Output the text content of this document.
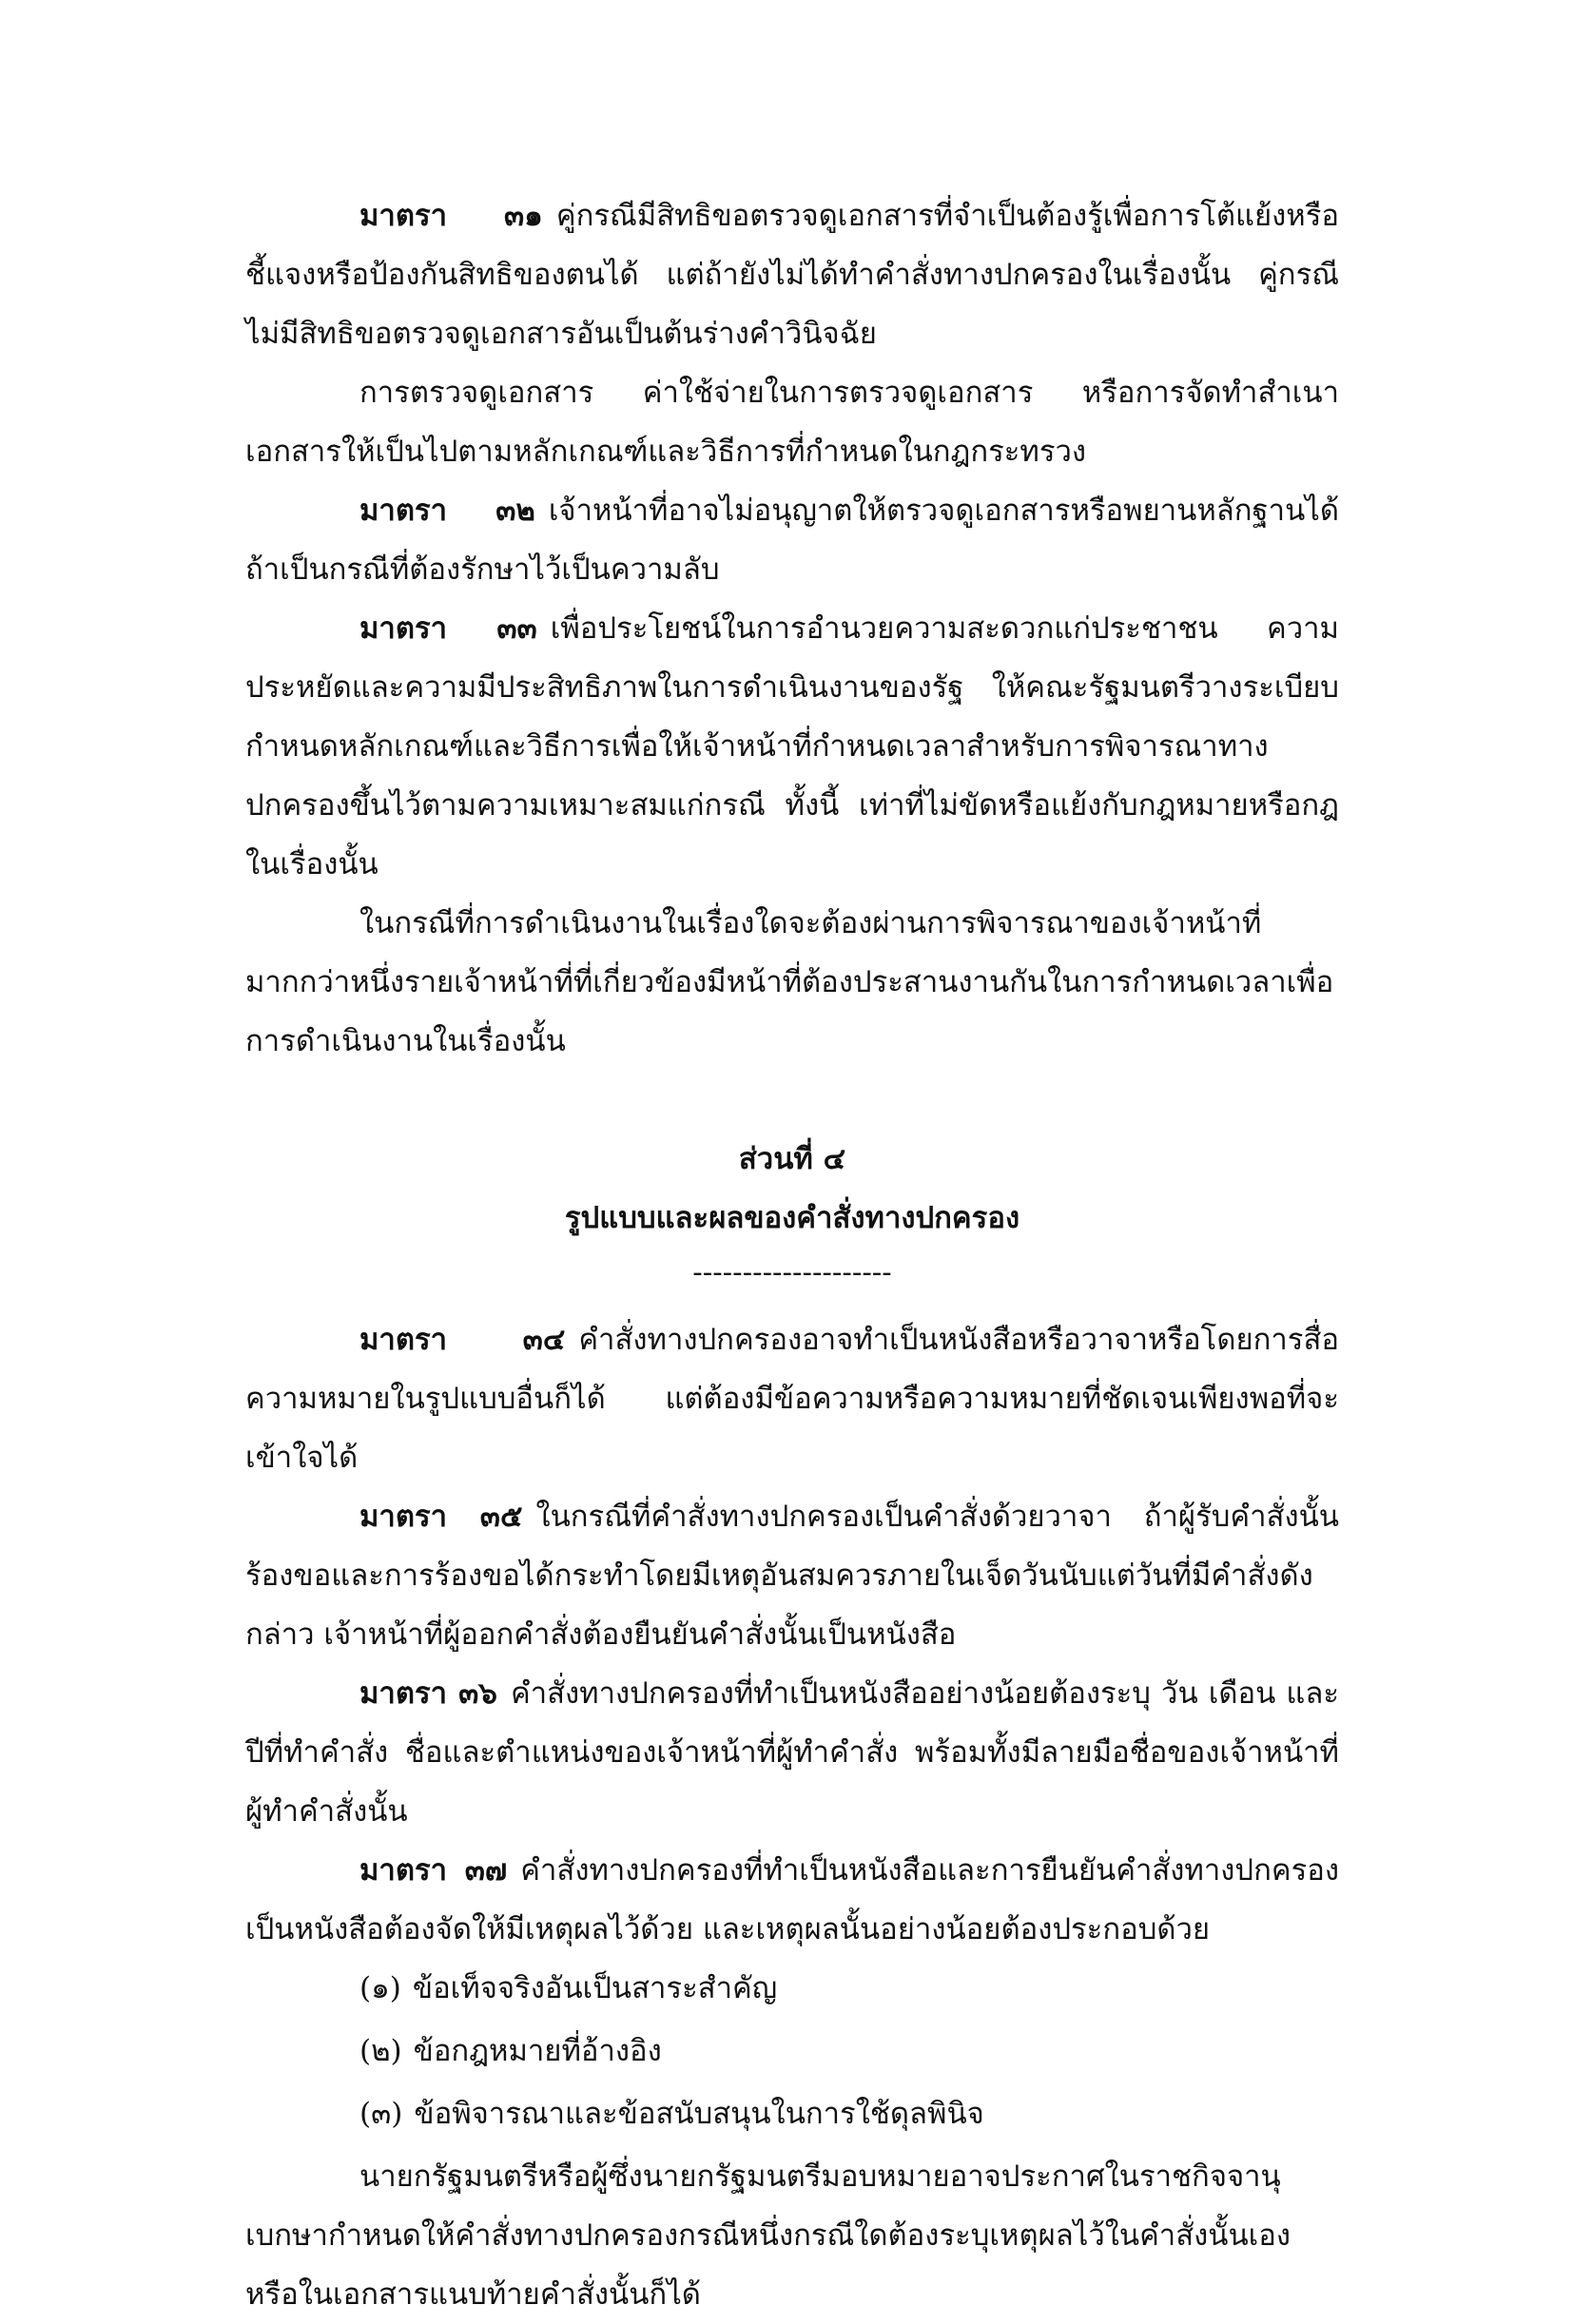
มาตรา ๓๑ คู่กรณีมีสิทธิขอตรวจดูเอกสารที่จำเป็นต้องรู้เพื่อการโต้แย้งหรือชี้แจงหรือป้องกันสิทธิของตนได้ แต่ถ้ายังไม่ได้ทำคำสั่งทางปกครองในเรื่องนั้น คู่กรณีไม่มีสิทธิขอตรวจดูเอกสารอันเป็นต้นร่างคำวินิจฉัย

การตรวจดูเอกสาร ค่าใช้จ่ายในการตรวจดูเอกสาร หรือการจัดทำสำเนาเอกสารให้เป็นไปตามหลักเกณฑ์และวิธีการที่กำหนดในกฎกระทรวง

มาตรา ๓๒ เจ้าหน้าที่อาจไม่อนุญาตให้ตรวจดูเอกสารหรือพยานหลักฐานได้ ถ้าเป็นกรณีที่ต้องรักษาไว้เป็นความลับ

มาตรา ๓๓ เพื่อประโยชน์ในการอำนวยความสะดวกแก่ประชาชน ความประหยัดและความมีประสิทธิภาพในการดำเนินงานของรัฐ ให้คณะรัฐมนตรีวางระเบียบกำหนดหลักเกณฑ์และวิธีการเพื่อให้เจ้าหน้าที่กำหนดเวลาสำหรับการพิจารณาทางปกครองขึ้นไว้ตามความเหมาะสมแก่กรณี ทั้งนี้ เท่าที่ไม่ขัดหรือแย้งกับกฎหมายหรือกฎในเรื่องนั้น

ในกรณีที่การดำเนินงานในเรื่องใดจะต้องผ่านการพิจารณาของเจ้าหน้าที่มากกว่าหนึ่งรายเจ้าหน้าที่ที่เกี่ยวข้องมีหน้าที่ต้องประสานงานกันในการกำหนดเวลาเพื่อการดำเนินงานในเรื่องนั้น

ส่วนที่ ๔

รูปแบบและผลของคำสั่งทางปกครอง

--------------------

มาตรา ๓๔ คำสั่งทางปกครองอาจทำเป็นหนังสือหรือวาจาหรือโดยการสื่อความหมายในรูปแบบอื่นก็ได้ แต่ต้องมีข้อความหรือความหมายที่ชัดเจนเพียงพอที่จะเข้าใจได้

มาตรา ๓๕ ในกรณีที่คำสั่งทางปกครองเป็นคำสั่งด้วยวาจา ถ้าผู้รับคำสั่งนั้นร้องขอและการร้องขอได้กระทำโดยมีเหตุอันสมควรภายในเจ็ดวันนับแต่วันที่มีคำสั่งดังกล่าว เจ้าหน้าที่ผู้ออกคำสั่งต้องยืนยันคำสั่งนั้นเป็นหนังสือ

มาตรา ๓๖ คำสั่งทางปกครองที่ทำเป็นหนังสืออย่างน้อยต้องระบุ วัน เดือน และปีที่ทำคำสั่ง ชื่อและตำแหน่งของเจ้าหน้าที่ผู้ทำคำสั่ง พร้อมทั้งมีลายมือชื่อของเจ้าหน้าที่ผู้ทำคำสั่งนั้น

มาตรา ๓๗ คำสั่งทางปกครองที่ทำเป็นหนังสือและการยืนยันคำสั่งทางปกครองเป็นหนังสือต้องจัดให้มีเหตุผลไว้ด้วย และเหตุผลนั้นอย่างน้อยต้องประกอบด้วย

(๑) ข้อเท็จจริงอันเป็นสาระสำคัญ

(๒) ข้อกฎหมายที่อ้างอิง

(๓) ข้อพิจารณาและข้อสนับสนุนในการใช้ดุลพินิจ

นายกรัฐมนตรีหรือผู้ซึ่งนายกรัฐมนตรีมอบหมายอาจประกาศในราชกิจจานุเบกษากำหนดให้คำสั่งทางปกครองกรณีหนึ่งกรณีใดต้องระบุเหตุผลไว้ในคำสั่งนั้นเองหรือในเอกสารแนบท้ายคำสั่งนั้นก็ได้
